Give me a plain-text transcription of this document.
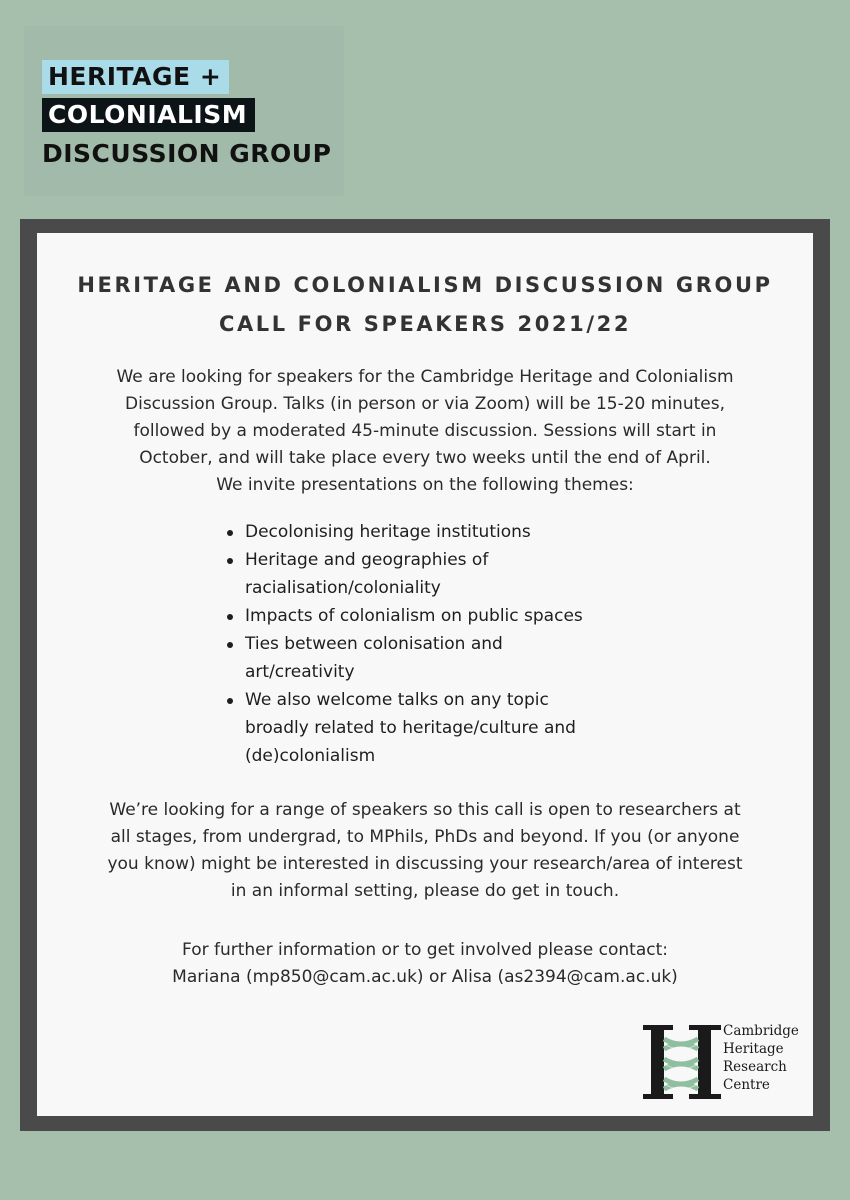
HERITAGE +
COLONIALISM
DISCUSSION GROUP
HERITAGE AND COLONIALISM DISCUSSION GROUP
CALL FOR SPEAKERS 2021/22
We are looking for speakers for the Cambridge Heritage and Colonialism
Discussion Group. Talks (in person or via Zoom) will be 15-20 minutes,
followed by a moderated 45-minute discussion. Sessions will start in
October, and will take place every two weeks until the end of April.
We invite presentations on the following themes:
Decolonising heritage institutions
Heritage and geographies of
racialisation/coloniality
Impacts of colonialism on public spaces
Ties between colonisation and
art/creativity
We also welcome talks on any topic
broadly related to heritage/culture and
(de)colonialism
We’re looking for a range of speakers so this call is open to researchers at
all stages, from undergrad, to MPhils, PhDs and beyond. If you (or anyone
you know) might be interested in discussing your research/area of interest
in an informal setting, please do get in touch.
For further information or to get involved please contact:
Mariana (mp850@cam.ac.uk) or Alisa (as2394@cam.ac.uk)
Cambridge
Heritage
Research
Centre
